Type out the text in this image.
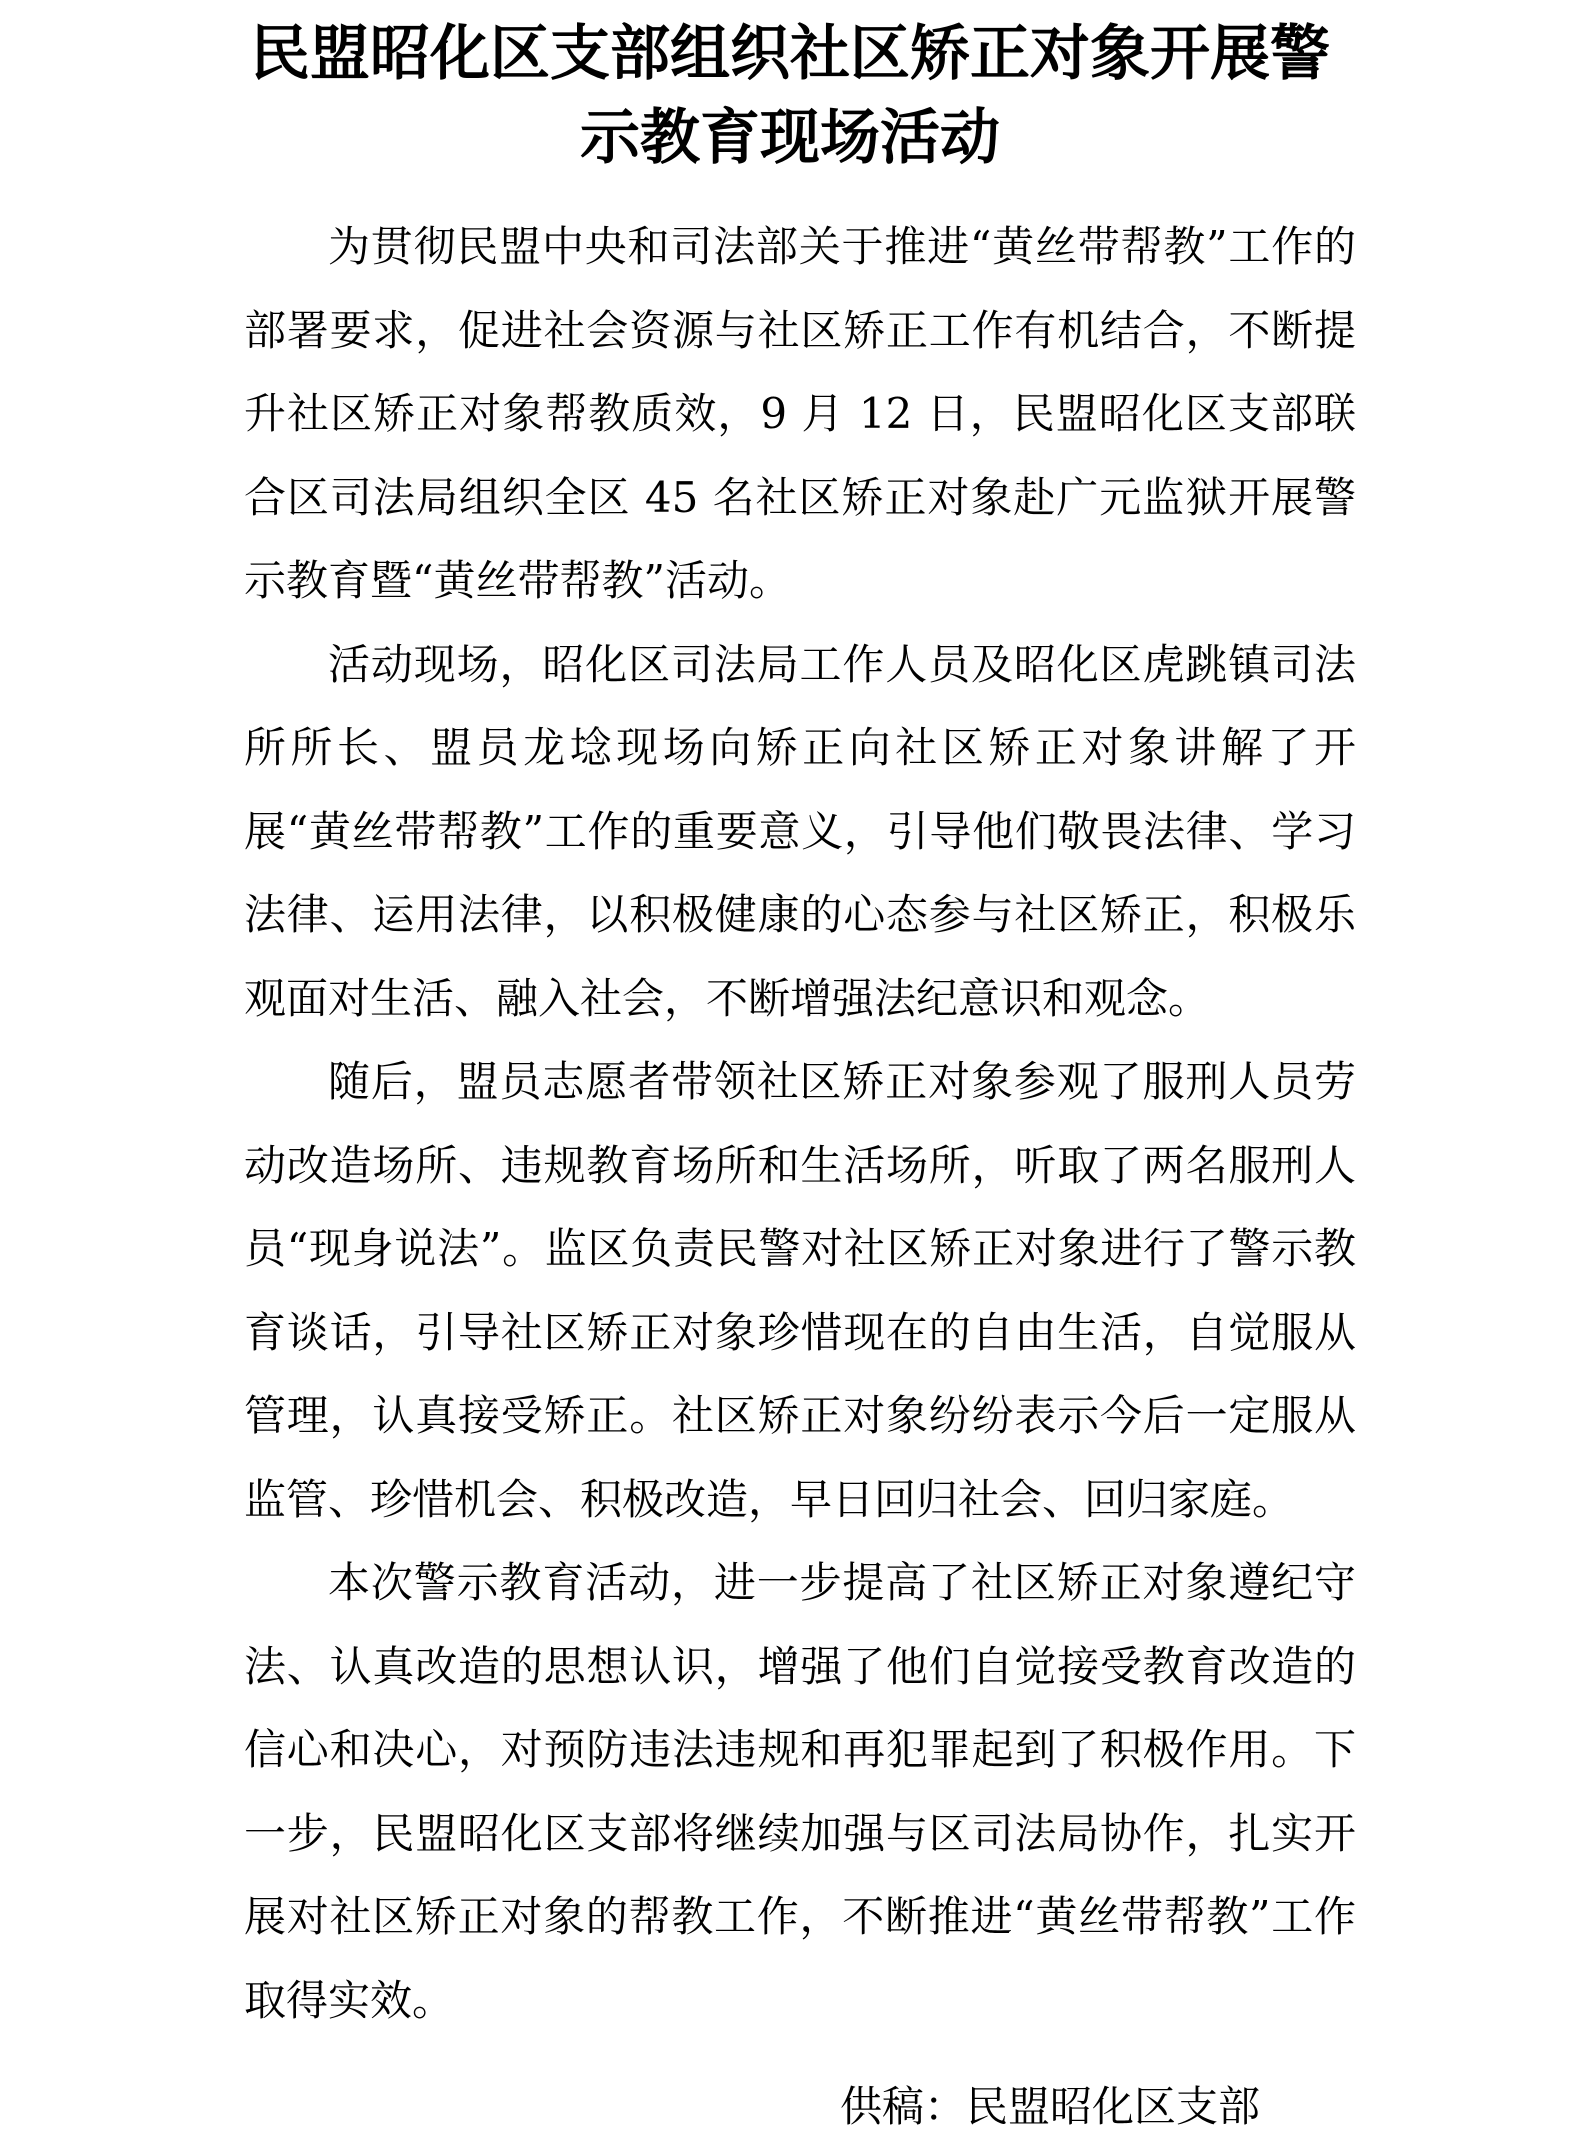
民盟昭化区支部组织社区矫正对象开展警示教育现场活动

为贯彻民盟中央和司法部关于推进“黄丝带帮教”工作的部署要求，促进社会资源与社区矫正工作有机结合，不断提升社区矫正对象帮教质效，9 月 12 日，民盟昭化区支部联合区司法局组织全区 45 名社区矫正对象赴广元监狱开展警示教育暨“黄丝带帮教”活动。

活动现场，昭化区司法局工作人员及昭化区虎跳镇司法所所长、盟员龙埝现场向矫正向社区矫正对象讲解了开展“黄丝带帮教”工作的重要意义，引导他们敬畏法律、学习法律、运用法律，以积极健康的心态参与社区矫正，积极乐观面对生活、融入社会，不断增强法纪意识和观念。

随后，盟员志愿者带领社区矫正对象参观了服刑人员劳动改造场所、违规教育场所和生活场所，听取了两名服刑人员“现身说法”。监区负责民警对社区矫正对象进行了警示教育谈话，引导社区矫正对象珍惜现在的自由生活，自觉服从管理，认真接受矫正。社区矫正对象纷纷表示今后一定服从监管、珍惜机会、积极改造，早日回归社会、回归家庭。

本次警示教育活动，进一步提高了社区矫正对象遵纪守法、认真改造的思想认识，增强了他们自觉接受教育改造的信心和决心，对预防违法违规和再犯罪起到了积极作用。下一步，民盟昭化区支部将继续加强与区司法局协作，扎实开展对社区矫正对象的帮教工作，不断推进“黄丝带帮教”工作取得实效。

供稿：民盟昭化区支部
